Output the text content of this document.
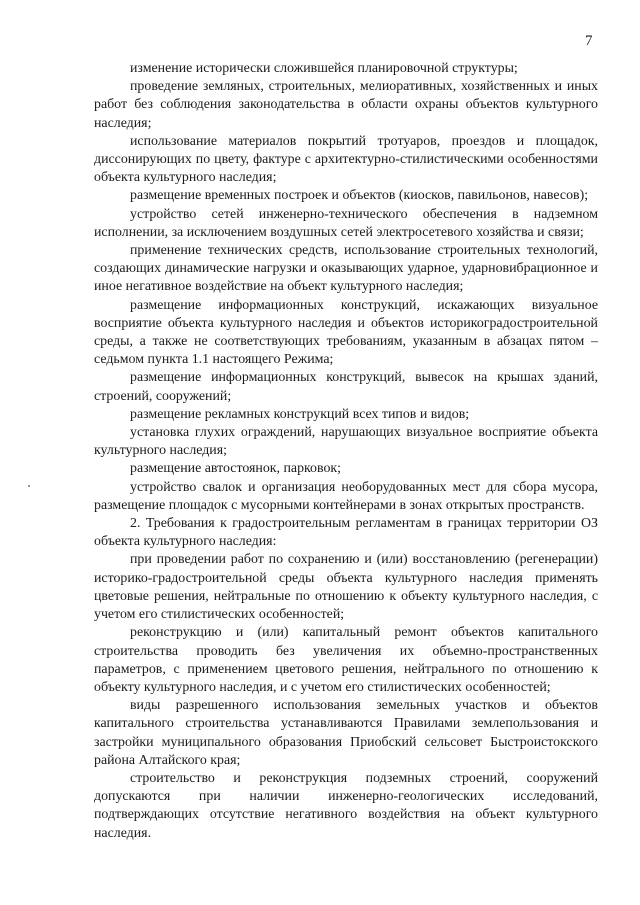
7

изменение исторически сложившейся планировочной структуры;

проведение земляных, строительных, мелиоративных, хозяйственных и иных работ без соблюдения законодательства в области охраны объектов культурного наследия;

использование материалов покрытий тротуаров, проездов и площадок, диссонирующих по цвету, фактуре с архитектурно-стилистическими особенностями объекта культурного наследия;

размещение временных построек и объектов (киосков, павильонов, навесов);

устройство сетей инженерно-технического обеспечения в надземном исполнении, за исключением воздушных сетей электросетевого хозяйства и связи;

применение технических средств, использование строительных технологий, создающих динамические нагрузки и оказывающих ударное, ударновибрационное и иное негативное воздействие на объект культурного наследия;

размещение информационных конструкций, искажающих визуальное восприятие объекта культурного наследия и объектов историкоградостроительной среды, а также не соответствующих требованиям, указанным в абзацах пятом – седьмом пункта 1.1 настоящего Режима;

размещение информационных конструкций, вывесок на крышах зданий, строений, сооружений;

размещение рекламных конструкций всех типов и видов;

установка глухих ограждений, нарушающих визуальное восприятие объекта культурного наследия;

размещение автостоянок, парковок;

устройство свалок и организация необорудованных мест для сбора мусора, размещение площадок с мусорными контейнерами в зонах открытых пространств.

2. Требования к градостроительным регламентам в границах территории ОЗ объекта культурного наследия:

при проведении работ по сохранению и (или) восстановлению (регенерации) историко-градостроительной среды объекта культурного наследия применять цветовые решения, нейтральные по отношению к объекту культурного наследия, с учетом его стилистических особенностей;

реконструкцию и (или) капитальный ремонт объектов капитального строительства проводить без увеличения их объемно-пространственных параметров, с применением цветового решения, нейтрального по отношению к объекту культурного наследия, и с учетом его стилистических особенностей;

виды разрешенного использования земельных участков и объектов капитального строительства устанавливаются Правилами землепользования и застройки муниципального образования Приобский сельсовет Быстроистокского района Алтайского края;

строительство и реконструкция подземных строений, сооружений допускаются при наличии инженерно-геологических исследований, подтверждающих отсутствие негативного воздействия на объект культурного наследия.
